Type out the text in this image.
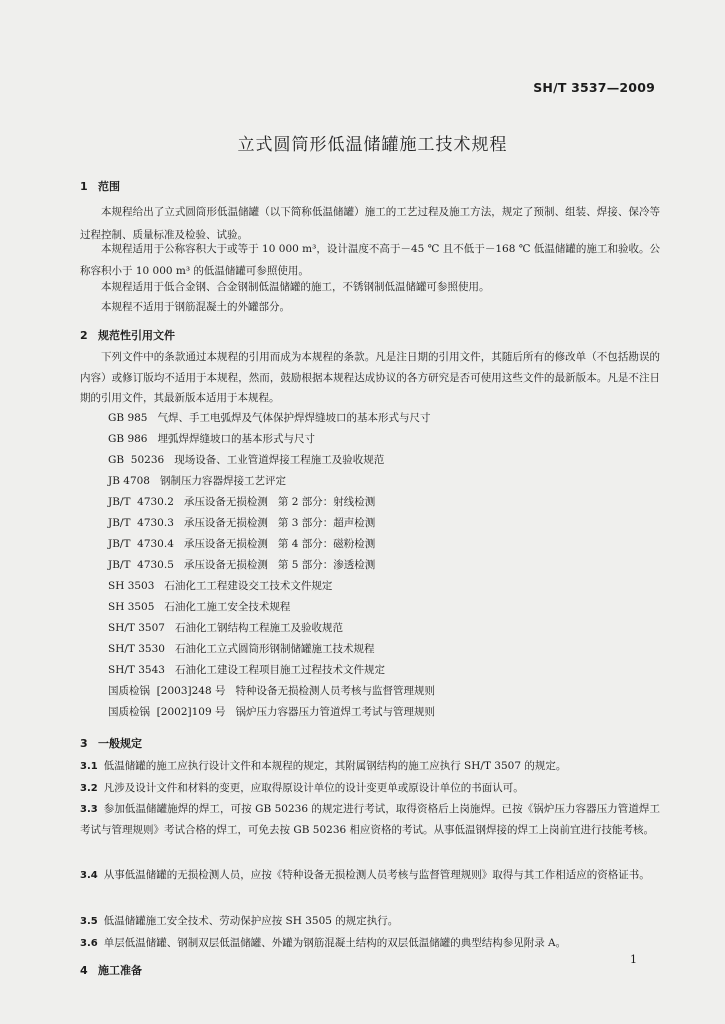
SH/T 3537—2009
立式圆筒形低温储罐施工技术规程
1 范围
本规程给出了立式圆筒形低温储罐（以下简称低温储罐）施工的工艺过程及施工方法，规定了预制、组装、焊接、保冷等过程控制、质量标准及检验、试验。
本规程适用于公称容积大于或等于 10 000 m³，设计温度不高于－45 ℃ 且不低于－168 ℃ 低温储罐的施工和验收。公称容积小于 10 000 m³ 的低温储罐可参照使用。
本规程适用于低合金钢、合金钢制低温储罐的施工，不锈钢制低温储罐可参照使用。
本规程不适用于钢筋混凝土的外罐部分。
2 规范性引用文件
下列文件中的条款通过本规程的引用而成为本规程的条款。凡是注日期的引用文件，其随后所有的修改单（不包括勘误的内容）或修订版均不适用于本规程，然而，鼓励根据本规程达成协议的各方研究是否可使用这些文件的最新版本。凡是不注日期的引用文件，其最新版本适用于本规程。
GB 985   气焊、手工电弧焊及气体保护焊焊缝坡口的基本形式与尺寸
GB 986   埋弧焊焊缝坡口的基本形式与尺寸
GB  50236   现场设备、工业管道焊接工程施工及验收规范
JB 4708   钢制压力容器焊接工艺评定
JB/T  4730.2   承压设备无损检测   第 2 部分：射线检测
JB/T  4730.3   承压设备无损检测   第 3 部分：超声检测
JB/T  4730.4   承压设备无损检测   第 4 部分：磁粉检测
JB/T  4730.5   承压设备无损检测   第 5 部分：渗透检测
SH 3503   石油化工工程建设交工技术文件规定
SH 3505   石油化工施工安全技术规程
SH/T 3507   石油化工钢结构工程施工及验收规范
SH/T 3530   石油化工立式圆筒形钢制储罐施工技术规程
SH/T 3543   石油化工建设工程项目施工过程技术文件规定
国质检锅  [2003]248 号   特种设备无损检测人员考核与监督管理规则
国质检锅  [2002]109 号   锅炉压力容器压力管道焊工考试与管理规则
3 一般规定
3.1 低温储罐的施工应执行设计文件和本规程的规定，其附属钢结构的施工应执行 SH/T 3507 的规定。
3.2 凡涉及设计文件和材料的变更，应取得原设计单位的设计变更单或原设计单位的书面认可。
3.3 参加低温储罐施焊的焊工，可按 GB 50236 的规定进行考试，取得资格后上岗施焊。已按《锅炉压力容器压力管道焊工考试与管理规则》考试合格的焊工，可免去按 GB 50236 相应资格的考试。从事低温钢焊接的焊工上岗前宜进行技能考核。
3.4 从事低温储罐的无损检测人员，应按《特种设备无损检测人员考核与监督管理规则》取得与其工作相适应的资格证书。
3.5 低温储罐施工安全技术、劳动保护应按 SH 3505 的规定执行。
3.6 单层低温储罐、钢制双层低温储罐、外罐为钢筋混凝土结构的双层低温储罐的典型结构参见附录 A。
4 施工准备
1
